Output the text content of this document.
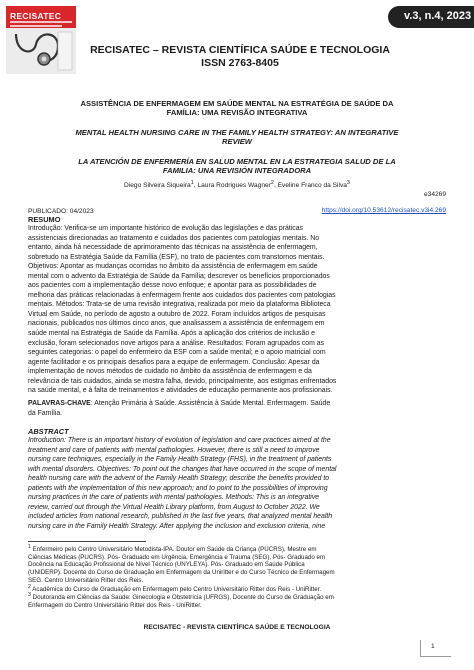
RECISATEC	v.3, n.4, 2023
RECISATEC – REVISTA CIENTÍFICA SAÚDE E TECNOLOGIA
ISSN 2763-8405
ASSISTÊNCIA DE ENFERMAGEM EM SAÚDE MENTAL NA ESTRATÉGIA DE SAÚDE DA
FAMÍLIA: UMA REVISÃO INTEGRATIVA
MENTAL HEALTH NURSING CARE IN THE FAMILY HEALTH STRATEGY: AN INTEGRATIVE
REVIEW
LA ATENCIÓN DE ENFERMERÍA EN SALUD MENTAL EN LA ESTRATEGIA SALUD DE LA
FAMILIA: UNA REVISIÓN INTEGRADORA
Diego Silveira Siqueira$^1$, Laura Rodrigues Wagner$^2$, Eveline Franco da Silva$^3$
e34269
https://doi.org/10.53612/recisatec.v3i4.269
PUBLICADO: 04/2023
RESUMO
Introdução: Verifica-se um importante histórico de evolução das legislações e das práticas
assistenciais direcionadas ao tratamento e cuidados dos pacientes com patologias mentais. No
entanto, ainda há necessidade de aprimoramento das técnicas na assistência de enfermagem,
sobretudo na Estratégia Saúde da Família (ESF), no trato de pacientes com transtornos mentais.
Objetivos: Apontar as mudanças ocorridas no âmbito da assistência de enfermagem em saúde
mental com o advento da Estratégia de Saúde da Família; descrever os benefícios proporcionados
aos pacientes com a implementação desse novo enfoque; e apontar para as possibilidades de
melhoria das práticas relacionadas à enfermagem frente aos cuidados dos pacientes com patologias
mentais. Métodos: Trata-se de uma revisão integrativa, realizada por meio da plataforma Biblioteca
Virtual em Saúde, no período de agosto a outubro de 2022. Foram incluídos artigos de pesquisas
nacionais, publicados nos últimos cinco anos, que analisassem a assistência de enfermagem em
saúde mental na Estratégia de Saúde da Família. Após a aplicação dos critérios de inclusão e
exclusão, foram selecionados nove artigos para a análise. Resultados: Foram agrupados com as
seguintes categorias: o papel do enfermeiro da ESF com a saúde mental; e o apoio matricial com
agente facilitador e os principais desafios para a equipe de enfermagem. Conclusão: Apesar da
implementação de novos métodos de cuidado no âmbito da assistência de enfermagem e da
relevância de tais cuidados, ainda se mostra falha, devido, principalmente, aos estigmas enfrentados
na saúde mental, e à falta de treinamentos e atividades de educação permanente aos profissionais.
PALAVRAS-CHAVE: Atenção Primária à Saúde. Assistência à Saúde Mental. Enfermagem. Saúde
da Família.
ABSTRACT
Introduction: There is an important history of evolution of legislation and care practices aimed at the
treatment and care of patients with mental pathologies. However, there is still a need to improve
nursing care techniques, especially in the Family Health Strategy (FHS), in the treatment of patients
with mental disorders. Objectives: To point out the changes that have occurred in the scope of mental
health nursing care with the advent of the Family Health Strategy; describe the benefits provided to
patients with the implementation of this new approach; and to point to the possibilities of improving
nursing practices in the care of patients with mental pathologies. Methods: This is an integrative
review, carried out through the Virtual Health Library platform, from August to October 2022. We
included articles from national research, published in the last five years, that analyzed mental health
nursing care in the Family Health Strategy. After applying the inclusion and exclusion criteria, nine
$^1$ Enfermeiro pelo Centro Universitário Metodista-IPA. Doutor em Saúde da Criança (PUCRS), Mestre em
Ciências Médicas (PUCRS). Pós- Graduado em Urgência, Emergência e Trauma (SEG), Pós- Graduado em
Docência na Educação Profissional de Nível Técnico (UNYLEYA). Pós- Graduado em Saúde Pública
(UNIDERP). Docente do Curso de Graduação em Enfermagem da Uniritter e do Curso Técnico de Enfermagem
SEG. Centro Universitário Ritter dos Reis.
$^2$ Acadêmica do Curso de Graduação em Enfermagem pelo Centro Universitário Ritter dos Reis - UniRitter.
$^3$ Doutoranda em Ciências da Saúde: Ginecologia e Obstetrícia (UFRGS), Docente do Curso de Graduação em
Enfermagem do Centro Universitário Ritter dos Reis - UniRitter.
RECISATEC - REVISTA CIENTÍFICA SAÚDE E TECNOLOGIA
1
